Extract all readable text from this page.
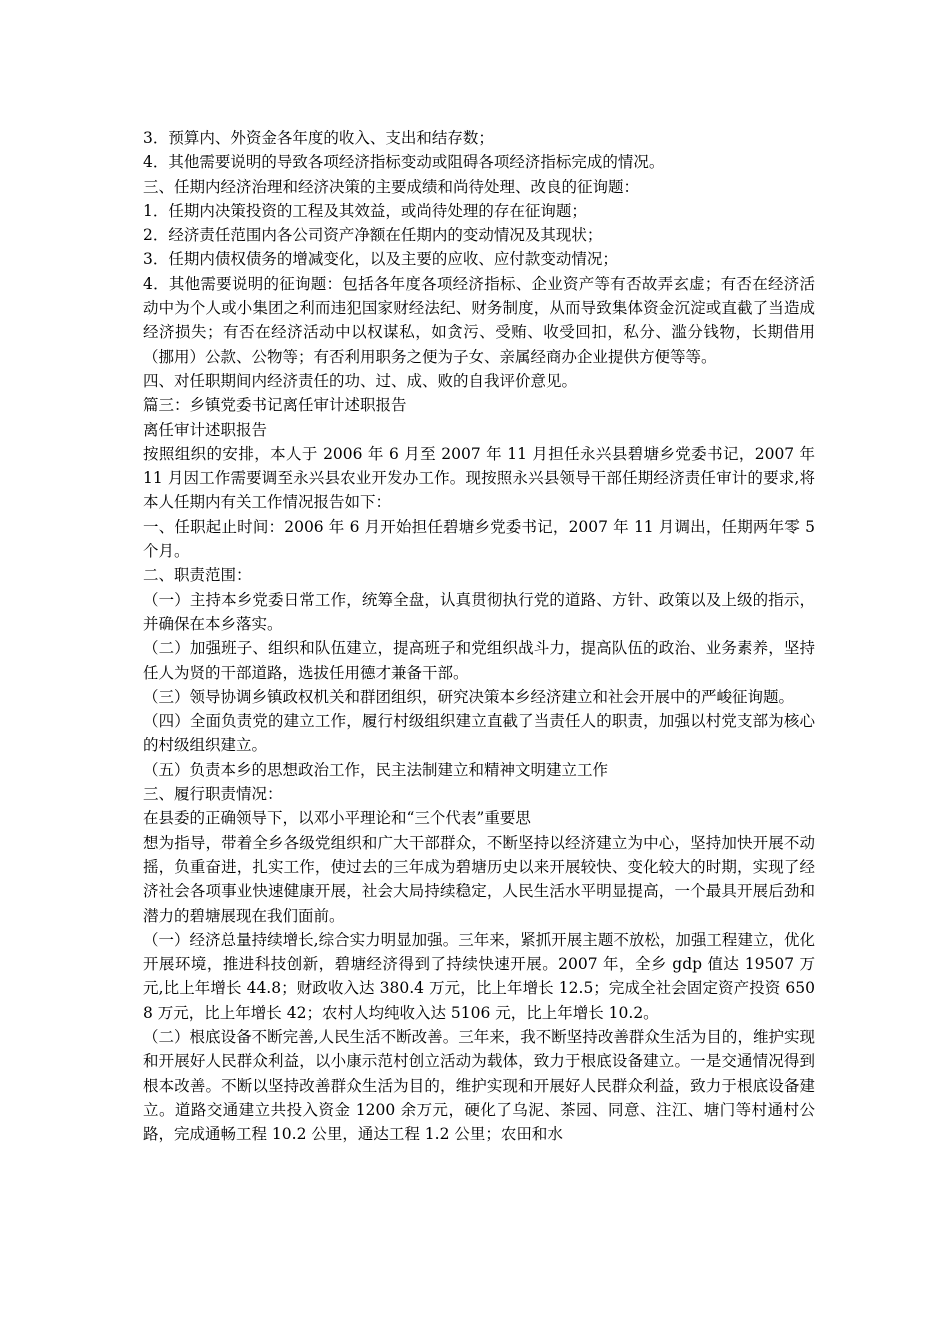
3．预算内、外资金各年度的收入、支出和结存数；

4．其他需要说明的导致各项经济指标变动或阻碍各项经济指标完成的情况。

三、任期内经济治理和经济决策的主要成绩和尚待处理、改良的征询题：

1．任期内决策投资的工程及其效益，或尚待处理的存在征询题；

2．经济责任范围内各公司资产净额在任期内的变动情况及其现状；

3．任期内债权债务的增减变化，以及主要的应收、应付款变动情况；

4．其他需要说明的征询题：包括各年度各项经济指标、企业资产等有否故弄玄虚；有否在经济活动中为个人或小集团之利而违犯国家财经法纪、财务制度，从而导致集体资金沉淀或直截了当造成经济损失；有否在经济活动中以权谋私，如贪污、受贿、收受回扣，私分、滥分钱物，长期借用（挪用）公款、公物等；有否利用职务之便为子女、亲属经商办企业提供方便等等。

四、对任职期间内经济责任的功、过、成、败的自我评价意见。

篇三：乡镇党委书记离任审计述职报告

离任审计述职报告

按照组织的安排，本人于 2006 年 6 月至 2007 年 11 月担任永兴县碧塘乡党委书记，2007 年 11 月因工作需要调至永兴县农业开发办工作。现按照永兴县领导干部任期经济责任审计的要求,将本人任期内有关工作情况报告如下：

一、任职起止时间：2006 年 6 月开始担任碧塘乡党委书记，2007 年 11 月调出，任期两年零 5 个月。

二、职责范围：

（一）主持本乡党委日常工作，统筹全盘，认真贯彻执行党的道路、方针、政策以及上级的指示，并确保在本乡落实。

（二）加强班子、组织和队伍建立，提高班子和党组织战斗力，提高队伍的政治、业务素养，坚持任人为贤的干部道路，选拔任用德才兼备干部。

（三）领导协调乡镇政权机关和群团组织，研究决策本乡经济建立和社会开展中的严峻征询题。

（四）全面负责党的建立工作，履行村级组织建立直截了当责任人的职责，加强以村党支部为核心的村级组织建立。

（五）负责本乡的思想政治工作，民主法制建立和精神文明建立工作

三、履行职责情况：

在县委的正确领导下，以邓小平理论和“三个代表”重要思

想为指导，带着全乡各级党组织和广大干部群众，不断坚持以经济建立为中心，坚持加快开展不动摇，负重奋进，扎实工作，使过去的三年成为碧塘历史以来开展较快、变化较大的时期，实现了经济社会各项事业快速健康开展，社会大局持续稳定，人民生活水平明显提高，一个最具开展后劲和潜力的碧塘展现在我们面前。

（一）经济总量持续增长,综合实力明显加强。三年来，紧抓开展主题不放松，加强工程建立，优化开展环境，推进科技创新，碧塘经济得到了持续快速开展。2007 年，全乡 gdp 值达 19507 万元,比上年增长 44.8；财政收入达 380.4 万元，比上年增长 12.5；完成全社会固定资产投资 6508 万元，比上年增长 42；农村人均纯收入达 5106 元，比上年增长 10.2。

（二）根底设备不断完善,人民生活不断改善。三年来，我不断坚持改善群众生活为目的，维护实现和开展好人民群众利益，以小康示范村创立活动为载体，致力于根底设备建立。一是交通情况得到根本改善。不断以坚持改善群众生活为目的，维护实现和开展好人民群众利益，致力于根底设备建立。道路交通建立共投入资金 1200 余万元，硬化了乌泥、茶园、同意、注江、塘门等村通村公路，完成通畅工程 10.2 公里，通达工程 1.2 公里；农田和水
